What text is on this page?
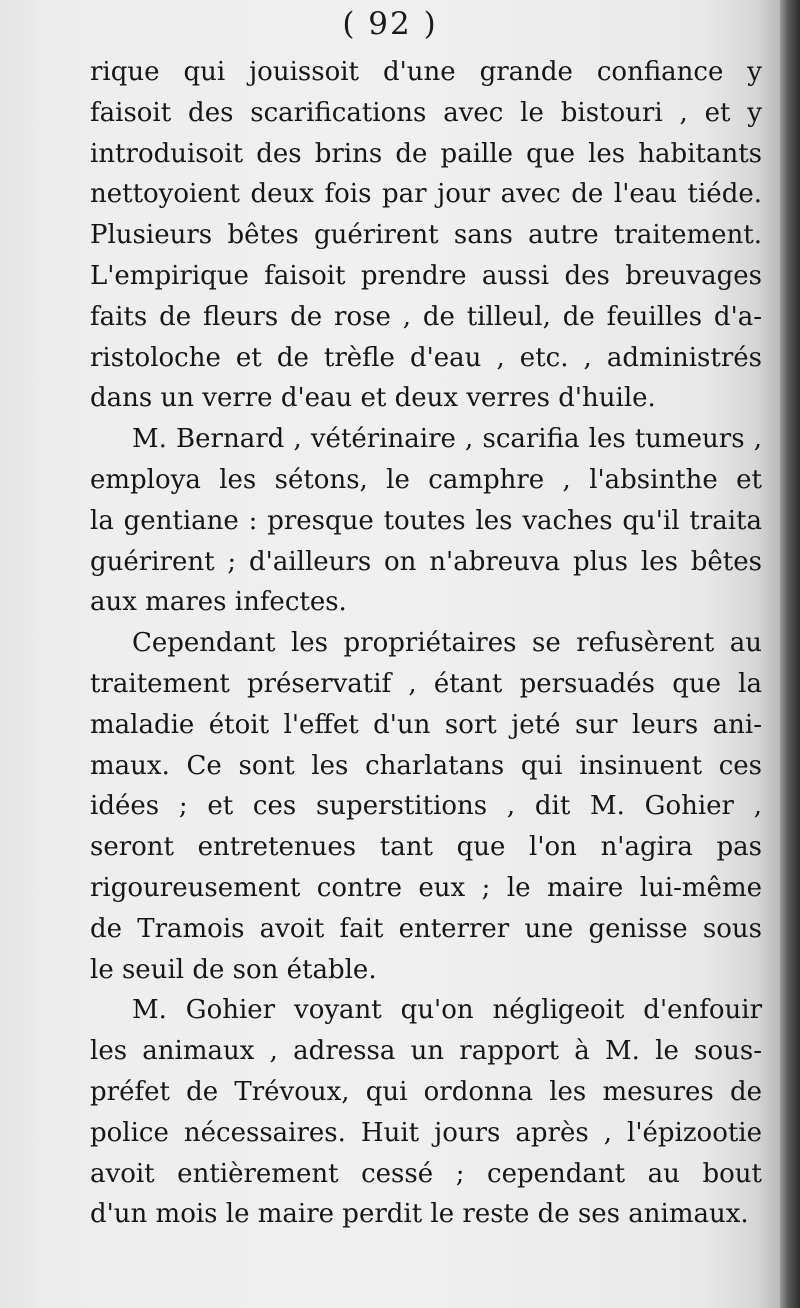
( 92 )
rique qui jouissoit d'une grande confiance y
faisoit des scarifications avec le bistouri , et y
introduisoit des brins de paille que les habitants
nettoyoient deux fois par jour avec de l'eau tiéde.
Plusieurs bêtes guérirent sans autre traitement.
L'empirique faisoit prendre aussi des breuvages
faits de fleurs de rose , de tilleul, de feuilles d'a-
ristoloche et de trèfle d'eau , etc. , administrés
dans un verre d'eau et deux verres d'huile.
M. Bernard , vétérinaire , scarifia les tumeurs ,
employa les sétons, le camphre , l'absinthe et
la gentiane : presque toutes les vaches qu'il traita
guérirent ; d'ailleurs on n'abreuva plus les bêtes
aux mares infectes.
Cependant les propriétaires se refusèrent au
traitement préservatif , étant persuadés que la
maladie étoit l'effet d'un sort jeté sur leurs ani-
maux. Ce sont les charlatans qui insinuent ces
idées ; et ces superstitions , dit M. Gohier ,
seront entretenues tant que l'on n'agira pas
rigoureusement contre eux ; le maire lui-même
de Tramois avoit fait enterrer une genisse sous
le seuil de son étable.
M. Gohier voyant qu'on négligeoit d'enfouir
les animaux , adressa un rapport à M. le sous-
préfet de Trévoux, qui ordonna les mesures de
police nécessaires. Huit jours après , l'épizootie
avoit entièrement cessé ; cependant au bout
d'un mois le maire perdit le reste de ses animaux.
